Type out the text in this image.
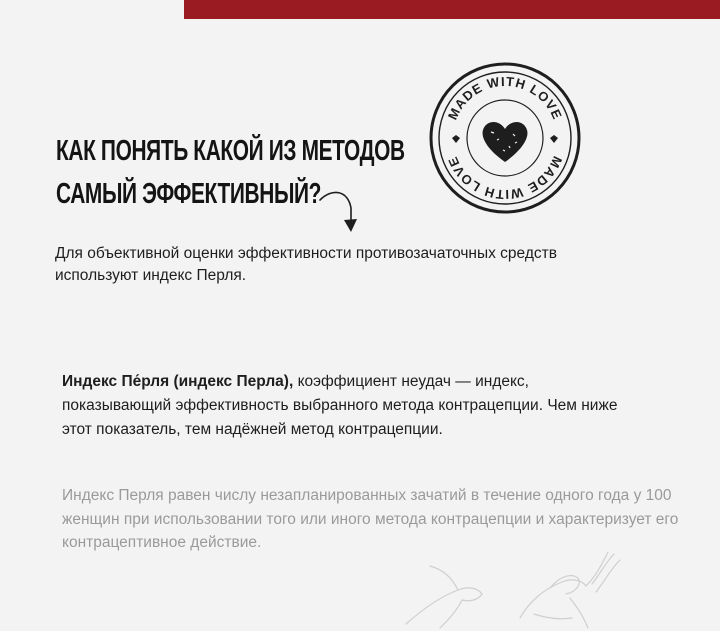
КАК ПОНЯТЬ КАКОЙ ИЗ МЕТОДОВ
САМЫЙ ЭФФЕКТИВНЫЙ?
MADE WITH LOVE
MADE WITH LOVE

Для объективной оценки эффективности противозачаточных средств используют индекс Перля.

Индекс Пе́рля (индекс Перла), коэффициент неудач — индекс, показывающий эффективность выбранного метода контрацепции. Чем ниже этот показатель, тем надёжней метод контрацепции.

Индекс Перля равен числу незапланированных зачатий в течение одного года у 100 женщин при использовании того или иного метода контрацепции и характеризует его контрацептивное действие.
